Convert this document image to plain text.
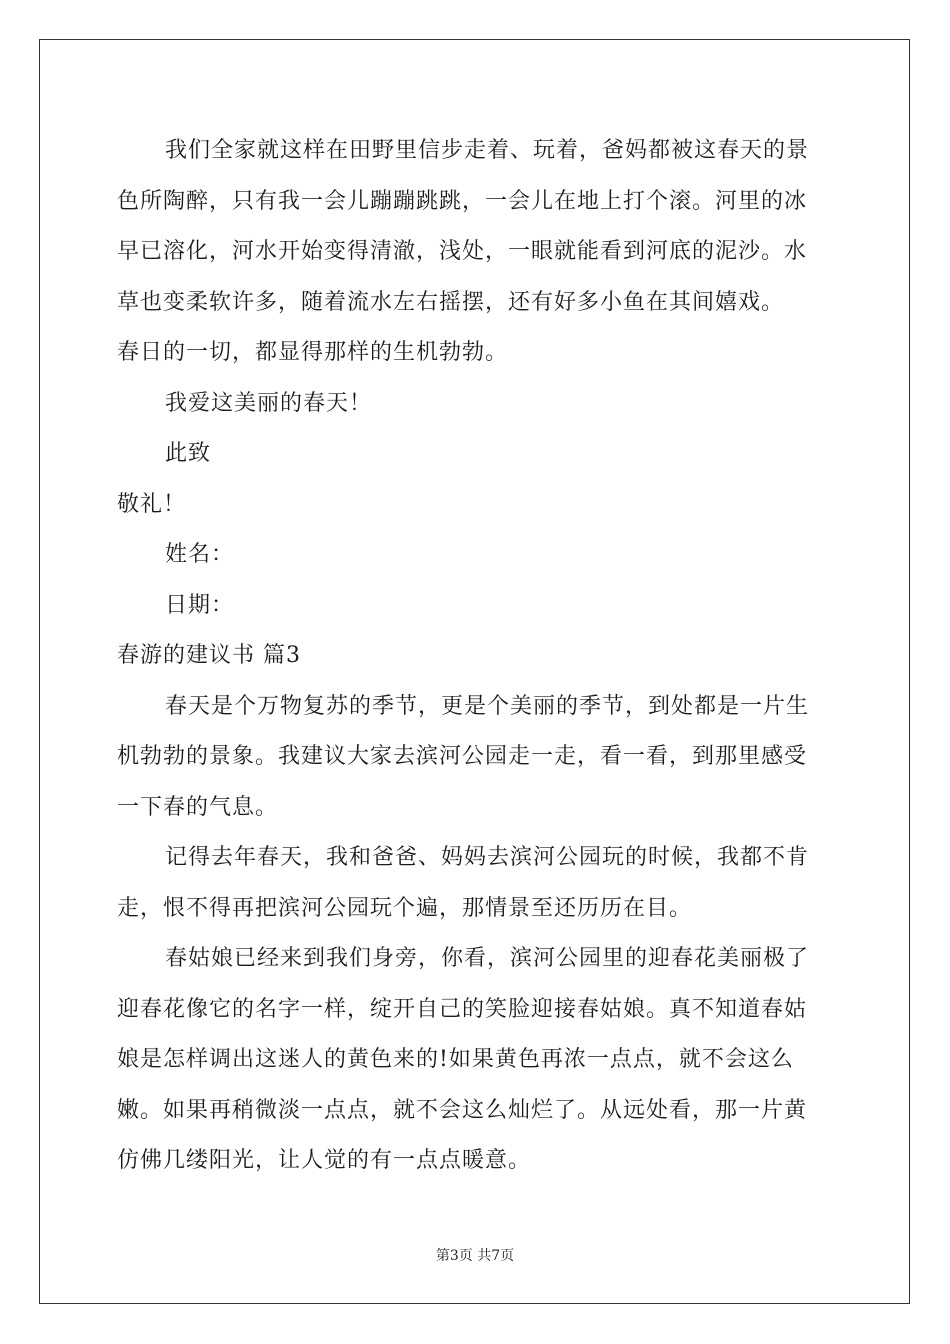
我们全家就这样在田野里信步走着、玩着，爸妈都被这春天的景
色所陶醉，只有我一会儿蹦蹦跳跳，一会儿在地上打个滚。河里的冰
早已溶化，河水开始变得清澈，浅处，一眼就能看到河底的泥沙。水
草也变柔软许多，随着流水左右摇摆，还有好多小鱼在其间嬉戏。
春日的一切，都显得那样的生机勃勃。
我爱这美丽的春天！
此致
敬礼！
姓名：
日期：
春游的建议书 篇3
春天是个万物复苏的季节，更是个美丽的季节，到处都是一片生
机勃勃的景象。我建议大家去滨河公园走一走，看一看，到那里感受
一下春的气息。
记得去年春天，我和爸爸、妈妈去滨河公园玩的时候，我都不肯
走，恨不得再把滨河公园玩个遍，那情景至还历历在目。
春姑娘已经来到我们身旁，你看，滨河公园里的迎春花美丽极了
迎春花像它的名字一样，绽开自己的笑脸迎接春姑娘。真不知道春姑
娘是怎样调出这迷人的黄色来的!如果黄色再浓一点点，就不会这么
嫩。如果再稍微淡一点点，就不会这么灿烂了。从远处看，那一片黄
仿佛几缕阳光，让人觉的有一点点暖意。
第3页 共7页
